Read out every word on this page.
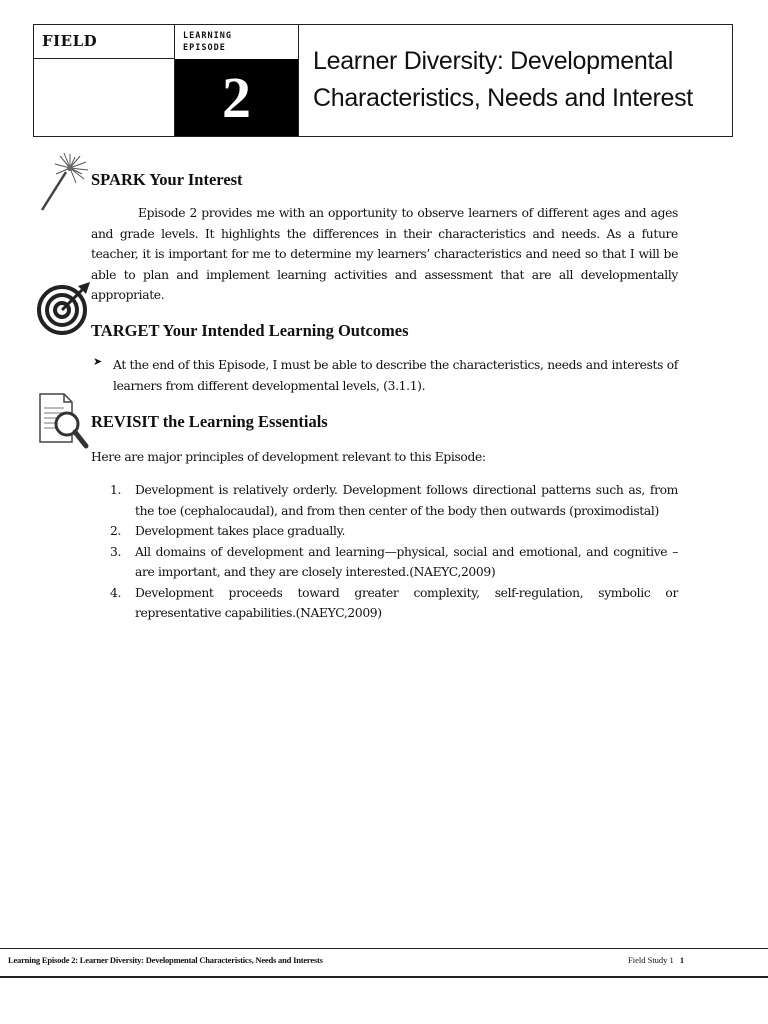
FIELD	LEARNING
EPISODE
2
Learner Diversity: Developmental
Characteristics, Needs and Interest
SPARK Your Interest

Episode 2 provides me with an opportunity to observe learners of different ages and ages and grade levels. It highlights the differences in their characteristics and needs. As a future teacher, it is important for me to determine my learners’ characteristics and need so that I will be able to plan and implement learning activities and assessment that are all developmentally appropriate.

TARGET Your Intended Learning Outcomes
➤ At the end of this Episode, I must be able to describe the characteristics, needs and interests of learners from different developmental levels, (3.1.1).
REVISIT the Learning Essentials

Here are major principles of development relevant to this Episode:

1. Development is relatively orderly. Development follows directional patterns such as, from the toe (cephalocaudal), and from then center of the body then outwards (proximodistal)
2. Development takes place gradually.
3. All domains of development and learning—physical, social and emotional, and cognitive – are important, and they are closely interested.(NAEYC,2009)
4. Development proceeds toward greater complexity, self-regulation, symbolic or representative capabilities.(NAEYC,2009)
Learning Episode 2: Learner Diversity: Developmental Characteristics, Needs and Interests	Field Study 1 1
